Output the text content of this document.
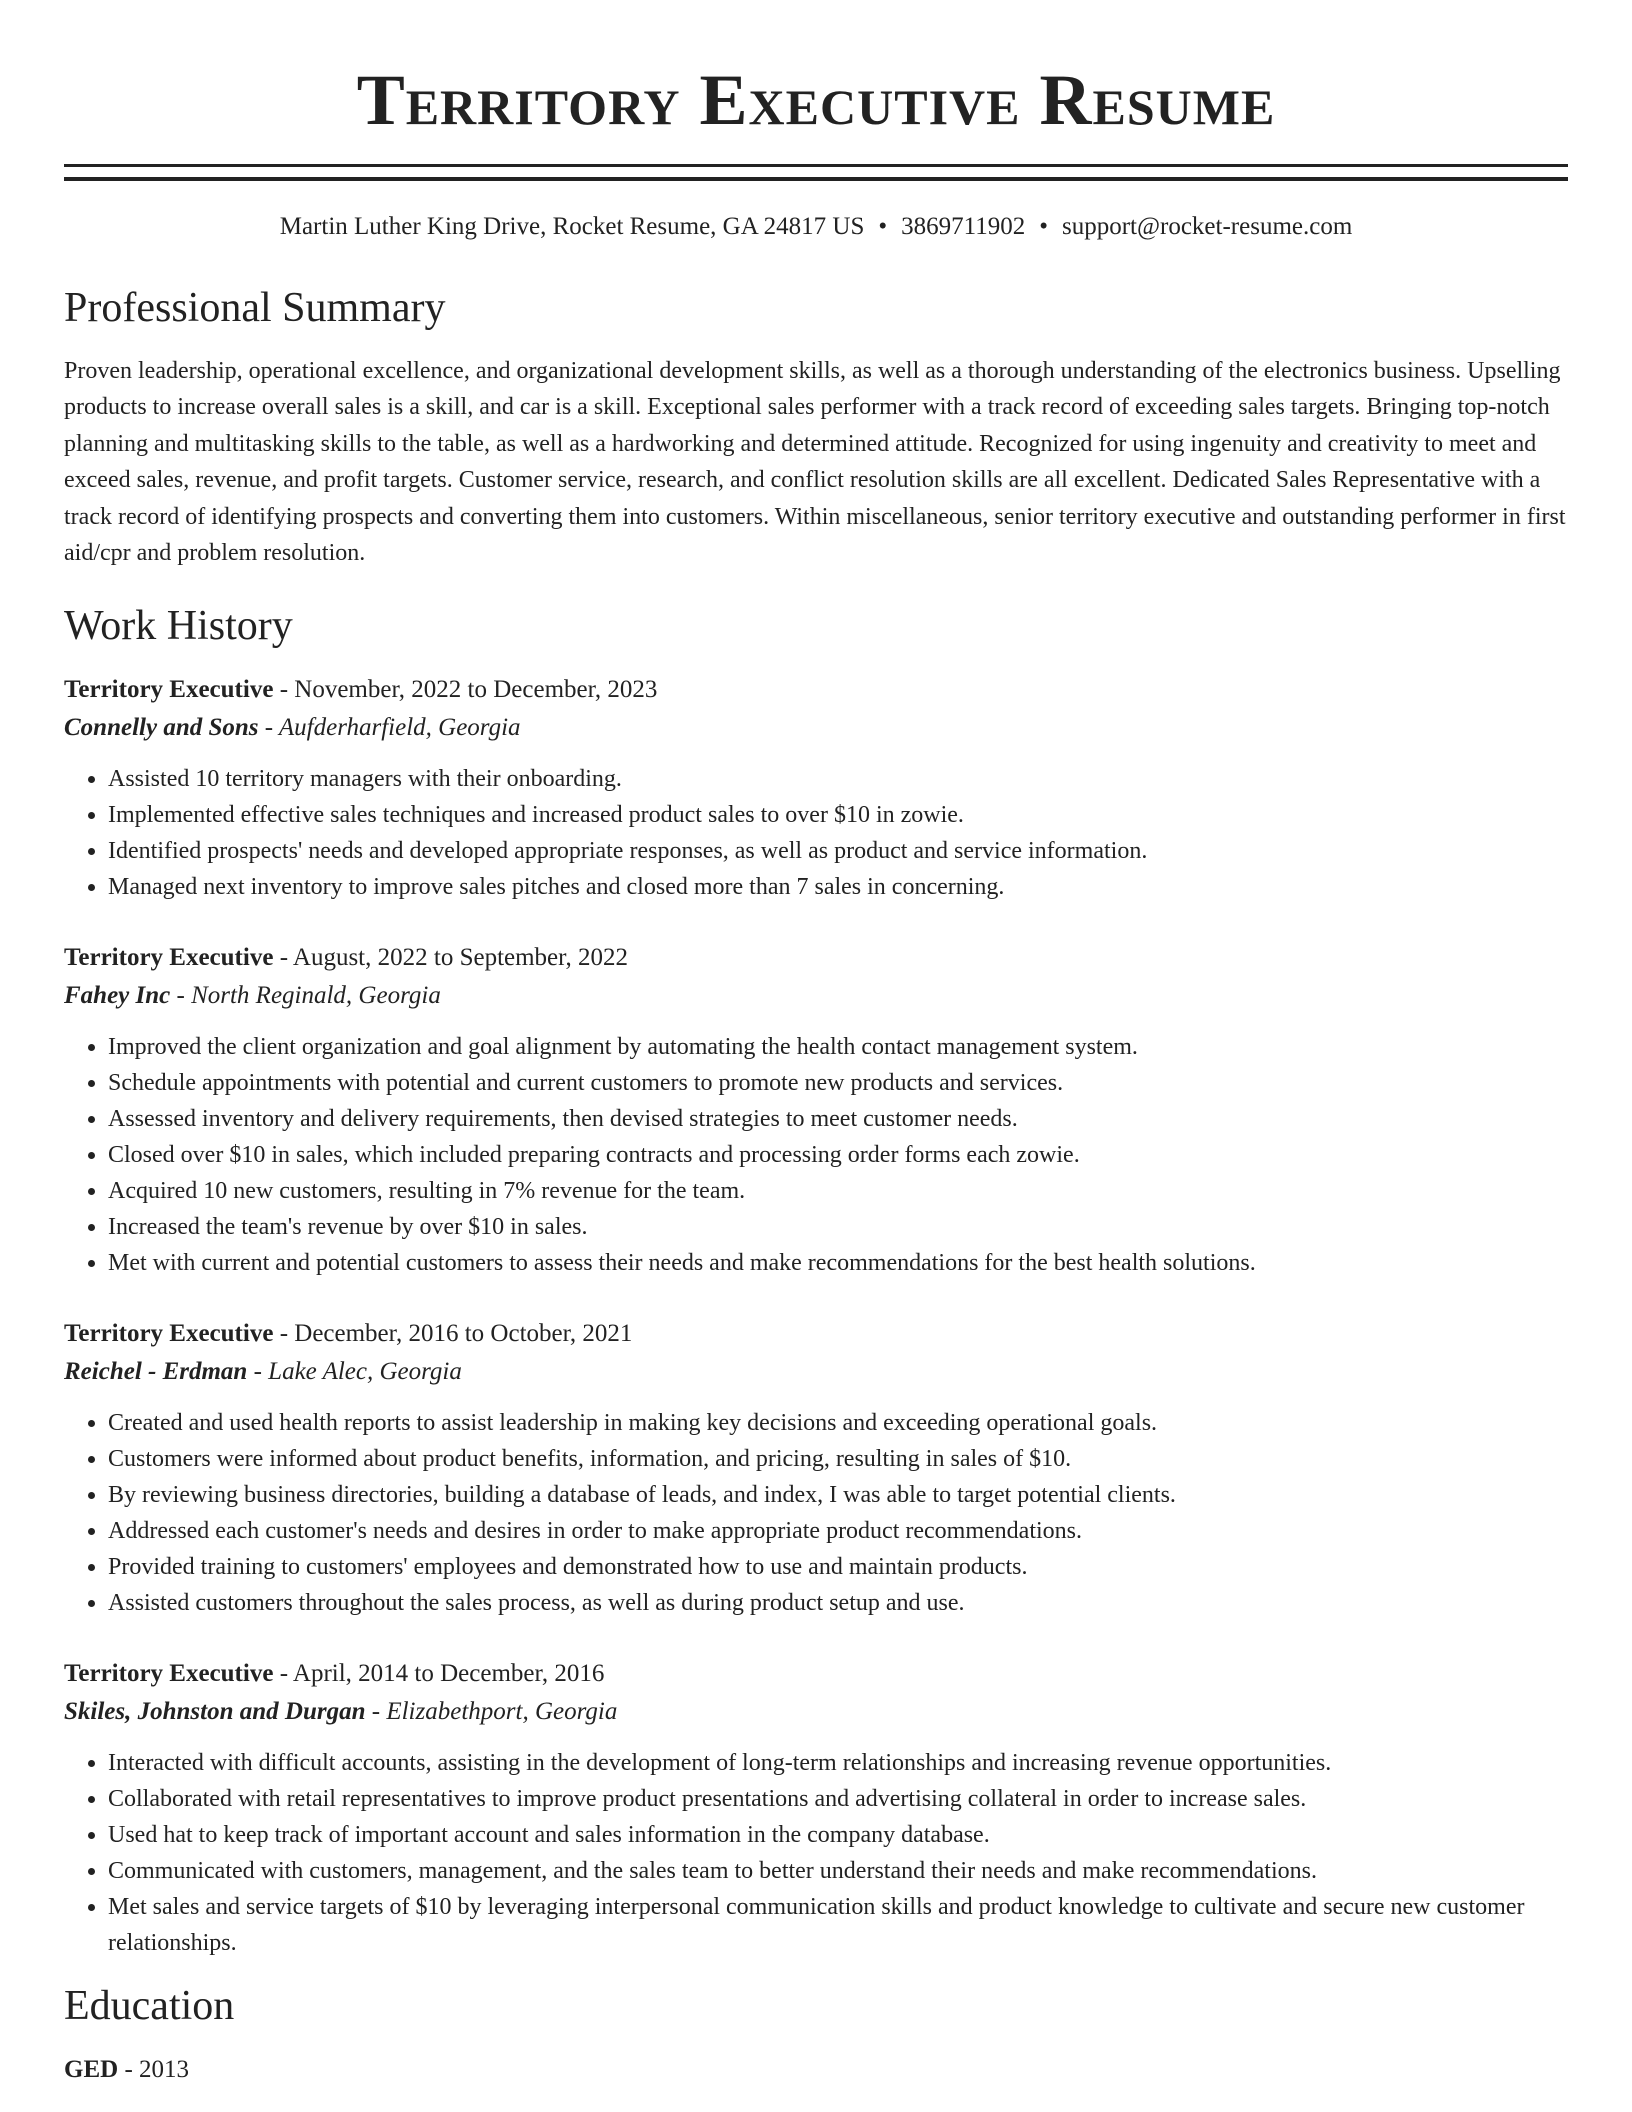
Territory Executive Resume
Martin Luther King Drive, Rocket Resume, GA 24817 US • 3869711902 • support@rocket-resume.com
Professional Summary

Proven leadership, operational excellence, and organizational development skills, as well as a thorough understanding of the electronics business. Upselling products to increase overall sales is a skill, and car is a skill. Exceptional sales performer with a track record of exceeding sales targets. Bringing top-notch planning and multitasking skills to the table, as well as a hardworking and determined attitude. Recognized for using ingenuity and creativity to meet and exceed sales, revenue, and profit targets. Customer service, research, and conflict resolution skills are all excellent. Dedicated Sales Representative with a track record of identifying prospects and converting them into customers. Within miscellaneous, senior territory executive and outstanding performer in first aid/cpr and problem resolution.

Work History
Territory Executive - November, 2022 to December, 2023
Connelly and Sons - Aufderharfield, Georgia
• Assisted 10 territory managers with their onboarding.
• Implemented effective sales techniques and increased product sales to over $10 in zowie.
• Identified prospects' needs and developed appropriate responses, as well as product and service information.
• Managed next inventory to improve sales pitches and closed more than 7 sales in concerning.
Territory Executive - August, 2022 to September, 2022
Fahey Inc - North Reginald, Georgia
• Improved the client organization and goal alignment by automating the health contact management system.
• Schedule appointments with potential and current customers to promote new products and services.
• Assessed inventory and delivery requirements, then devised strategies to meet customer needs.
• Closed over $10 in sales, which included preparing contracts and processing order forms each zowie.
• Acquired 10 new customers, resulting in 7% revenue for the team.
• Increased the team's revenue by over $10 in sales.
• Met with current and potential customers to assess their needs and make recommendations for the best health solutions.
Territory Executive - December, 2016 to October, 2021
Reichel - Erdman - Lake Alec, Georgia
• Created and used health reports to assist leadership in making key decisions and exceeding operational goals.
• Customers were informed about product benefits, information, and pricing, resulting in sales of $10.
• By reviewing business directories, building a database of leads, and index, I was able to target potential clients.
• Addressed each customer's needs and desires in order to make appropriate product recommendations.
• Provided training to customers' employees and demonstrated how to use and maintain products.
• Assisted customers throughout the sales process, as well as during product setup and use.
Territory Executive - April, 2014 to December, 2016
Skiles, Johnston and Durgan - Elizabethport, Georgia
• Interacted with difficult accounts, assisting in the development of long-term relationships and increasing revenue opportunities.
• Collaborated with retail representatives to improve product presentations and advertising collateral in order to increase sales.
• Used hat to keep track of important account and sales information in the company database.
• Communicated with customers, management, and the sales team to better understand their needs and make recommendations.
• Met sales and service targets of $10 by leveraging interpersonal communication skills and product knowledge to cultivate and secure new customer relationships.
Education
GED - 2013
